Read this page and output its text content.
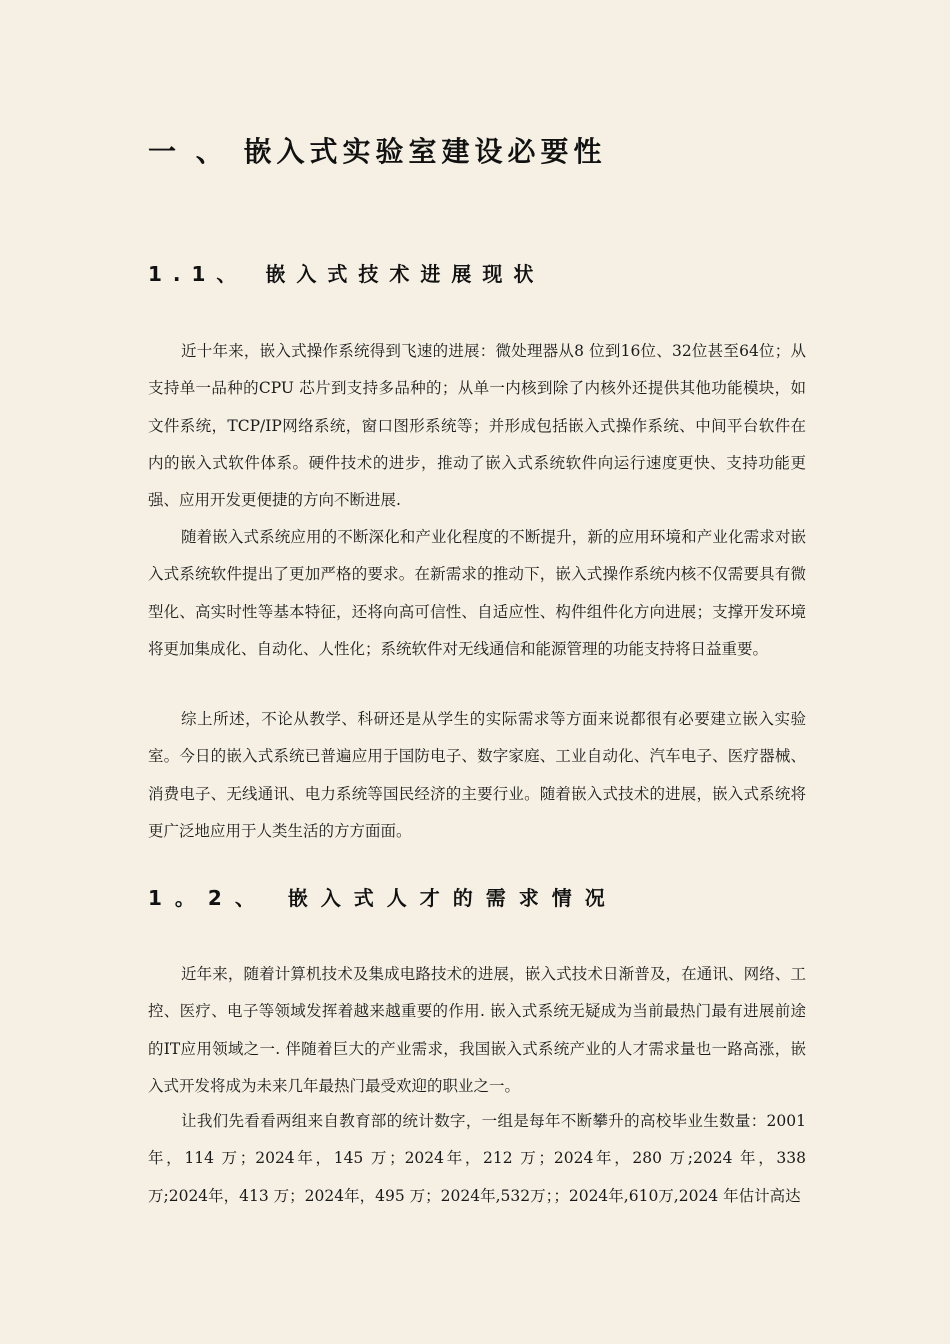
一 、 嵌入式实验室建设必要性
1.1、 嵌入式技术进展现状

近十年来，嵌入式操作系统得到飞速的进展：微处理器从8 位到16位、32位甚至64位；从支持单一品种的CPU 芯片到支持多品种的；从单一内核到除了内核外还提供其他功能模块，如文件系统，TCP/IP网络系统，窗口图形系统等；并形成包括嵌入式操作系统、中间平台软件在内的嵌入式软件体系。硬件技术的进步，推动了嵌入式系统软件向运行速度更快、支持功能更强、应用开发更便捷的方向不断进展.

随着嵌入式系统应用的不断深化和产业化程度的不断提升，新的应用环境和产业化需求对嵌入式系统软件提出了更加严格的要求。在新需求的推动下，嵌入式操作系统内核不仅需要具有微型化、高实时性等基本特征，还将向高可信性、自适应性、构件组件化方向进展；支撑开发环境将更加集成化、自动化、人性化；系统软件对无线通信和能源管理的功能支持将日益重要。

综上所述，不论从教学、科研还是从学生的实际需求等方面来说都很有必要建立嵌入实验室。今日的嵌入式系统已普遍应用于国防电子、数字家庭、工业自动化、汽车电子、医疗器械、消费电子、无线通讯、电力系统等国民经济的主要行业。随着嵌入式技术的进展，嵌入式系统将更广泛地应用于人类生活的方方面面。

1。2、 嵌入式人才的需求情况

近年来，随着计算机技术及集成电路技术的进展，嵌入式技术日渐普及，在通讯、网络、工控、医疗、电子等领域发挥着越来越重要的作用. 嵌入式系统无疑成为当前最热门最有进展前途的IT应用领域之一. 伴随着巨大的产业需求，我国嵌入式系统产业的人才需求量也一路高涨，嵌入式开发将成为未来几年最热门最受欢迎的职业之一。

让我们先看看两组来自教育部的统计数字，一组是每年不断攀升的高校毕业生数量：2001年，114 万；2024年，145 万；2024年，212 万；2024年，280 万;2024 年，338 万;2024年，413 万；2024年，495 万；2024年,532万；；2024年,610万,2024 年估计高达
